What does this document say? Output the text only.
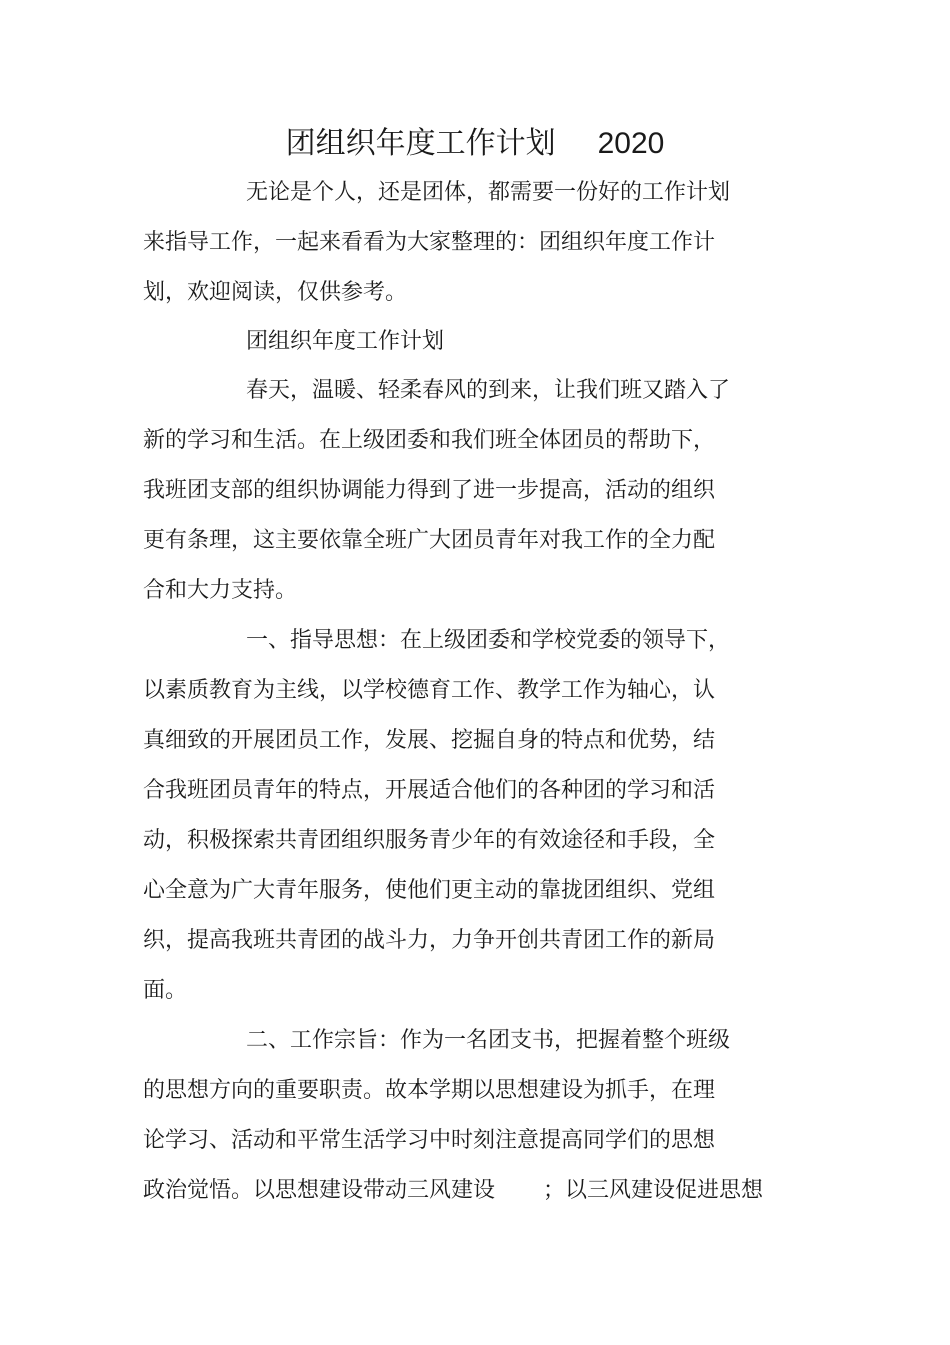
团组织年度工作计划 2020

无论是个人，还是团体，都需要一份好的工作计划

来指导工作，一起来看看为大家整理的：团组织年度工作计

划，欢迎阅读，仅供参考。

团组织年度工作计划

春天，温暖、轻柔春风的到来，让我们班又踏入了

新的学习和生活。在上级团委和我们班全体团员的帮助下，

我班团支部的组织协调能力得到了进一步提高，活动的组织

更有条理，这主要依靠全班广大团员青年对我工作的全力配

合和大力支持。

一、指导思想：在上级团委和学校党委的领导下，

以素质教育为主线，以学校德育工作、教学工作为轴心，认

真细致的开展团员工作，发展、挖掘自身的特点和优势，结

合我班团员青年的特点，开展适合他们的各种团的学习和活

动，积极探索共青团组织服务青少年的有效途径和手段，全

心全意为广大青年服务，使他们更主动的靠拢团组织、党组

织，提高我班共青团的战斗力，力争开创共青团工作的新局

面。

二、工作宗旨：作为一名团支书，把握着整个班级

的思想方向的重要职责。故本学期以思想建设为抓手，在理

论学习、活动和平常生活学习中时刻注意提高同学们的思想

政治觉悟。以思想建设带动三风建设 ；以三风建设促进思想
